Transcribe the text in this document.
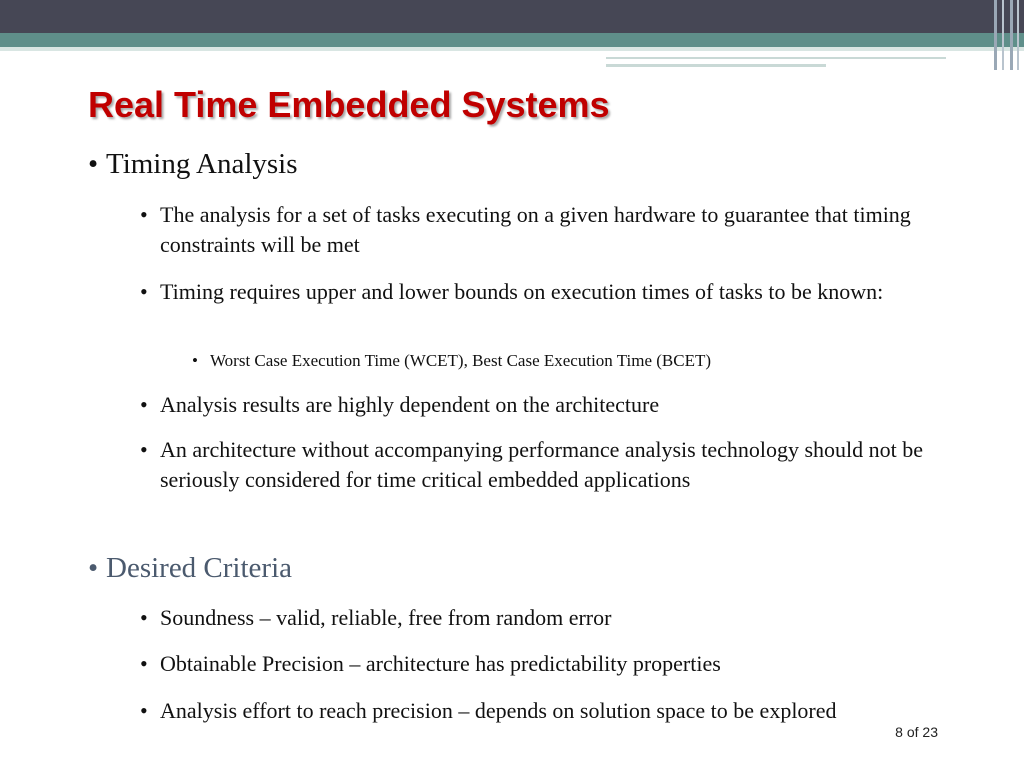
Real Time Embedded Systems

• Timing Analysis

• The analysis for a set of tasks executing on a given hardware to guarantee that timing constraints will be met

• Timing requires upper and lower bounds on execution times of tasks to be known:

• Worst Case Execution Time (WCET), Best Case Execution Time (BCET)

• Analysis results are highly dependent on the architecture

• An architecture without accompanying performance analysis technology should not be seriously considered for time critical embedded applications

• Desired Criteria

• Soundness – valid, reliable, free from random error

• Obtainable Precision – architecture has predictability properties

• Analysis effort to reach precision – depends on solution space to be explored

8 of 23
